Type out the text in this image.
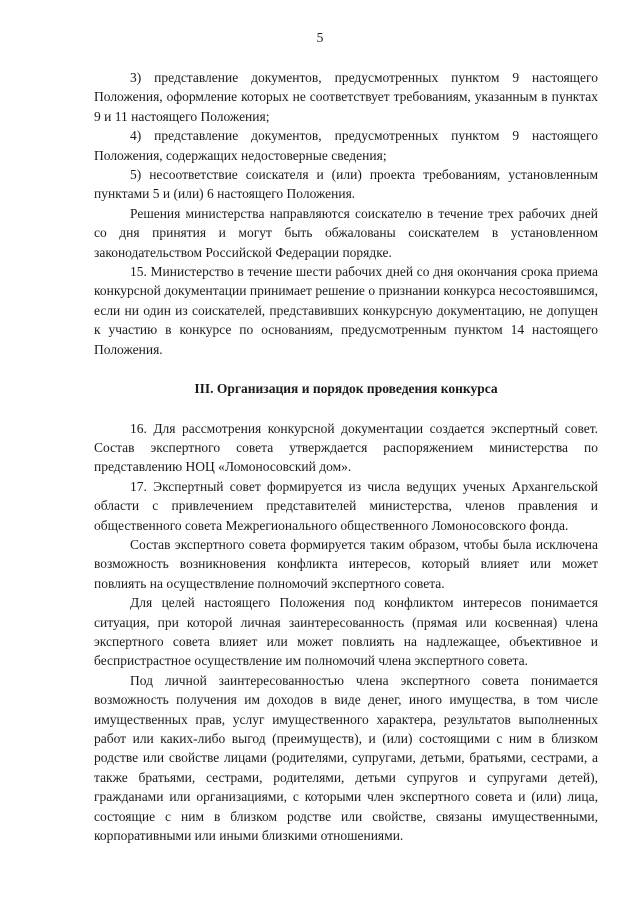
5

3) представление документов, предусмотренных пунктом 9 настоящего Положения, оформление которых не соответствует требованиям, указанным в пунктах 9 и 11 настоящего Положения;

4) представление документов, предусмотренных пунктом 9 настоящего Положения, содержащих недостоверные сведения;

5) несоответствие соискателя и (или) проекта требованиям, установленным пунктами 5 и (или) 6 настоящего Положения.

Решения министерства направляются соискателю в течение трех рабочих дней со дня принятия и могут быть обжалованы соискателем в установленном законодательством Российской Федерации порядке.

15. Министерство в течение шести рабочих дней со дня окончания срока приема конкурсной документации принимает решение о признании конкурса несостоявшимся, если ни один из соискателей, представивших конкурсную документацию, не допущен к участию в конкурсе по основаниям, предусмотренным пунктом 14 настоящего Положения.

III. Организация и порядок проведения конкурса

16. Для рассмотрения конкурсной документации создается экспертный совет. Состав экспертного совета утверждается распоряжением министерства по представлению НОЦ «Ломоносовский дом».

17. Экспертный совет формируется из числа ведущих ученых Архангельской области с привлечением представителей министерства, членов правления и общественного совета Межрегионального общественного Ломоносовского фонда.

Состав экспертного совета формируется таким образом, чтобы была исключена возможность возникновения конфликта интересов, который влияет или может повлиять на осуществление полномочий экспертного совета.

Для целей настоящего Положения под конфликтом интересов понимается ситуация, при которой личная заинтересованность (прямая или косвенная) члена экспертного совета влияет или может повлиять на надлежащее, объективное и беспристрастное осуществление им полномочий члена экспертного совета.

Под личной заинтересованностью члена экспертного совета понимается возможность получения им доходов в виде денег, иного имущества, в том числе имущественных прав, услуг имущественного характера, результатов выполненных работ или каких-либо выгод (преимуществ), и (или) состоящими с ним в близком родстве или свойстве лицами (родителями, супругами, детьми, братьями, сестрами, а также братьями, сестрами, родителями, детьми супругов и супругами детей), гражданами или организациями, с которыми член экспертного совета и (или) лица, состоящие с ним в близком родстве или свойстве, связаны имущественными, корпоративными или иными близкими отношениями.
